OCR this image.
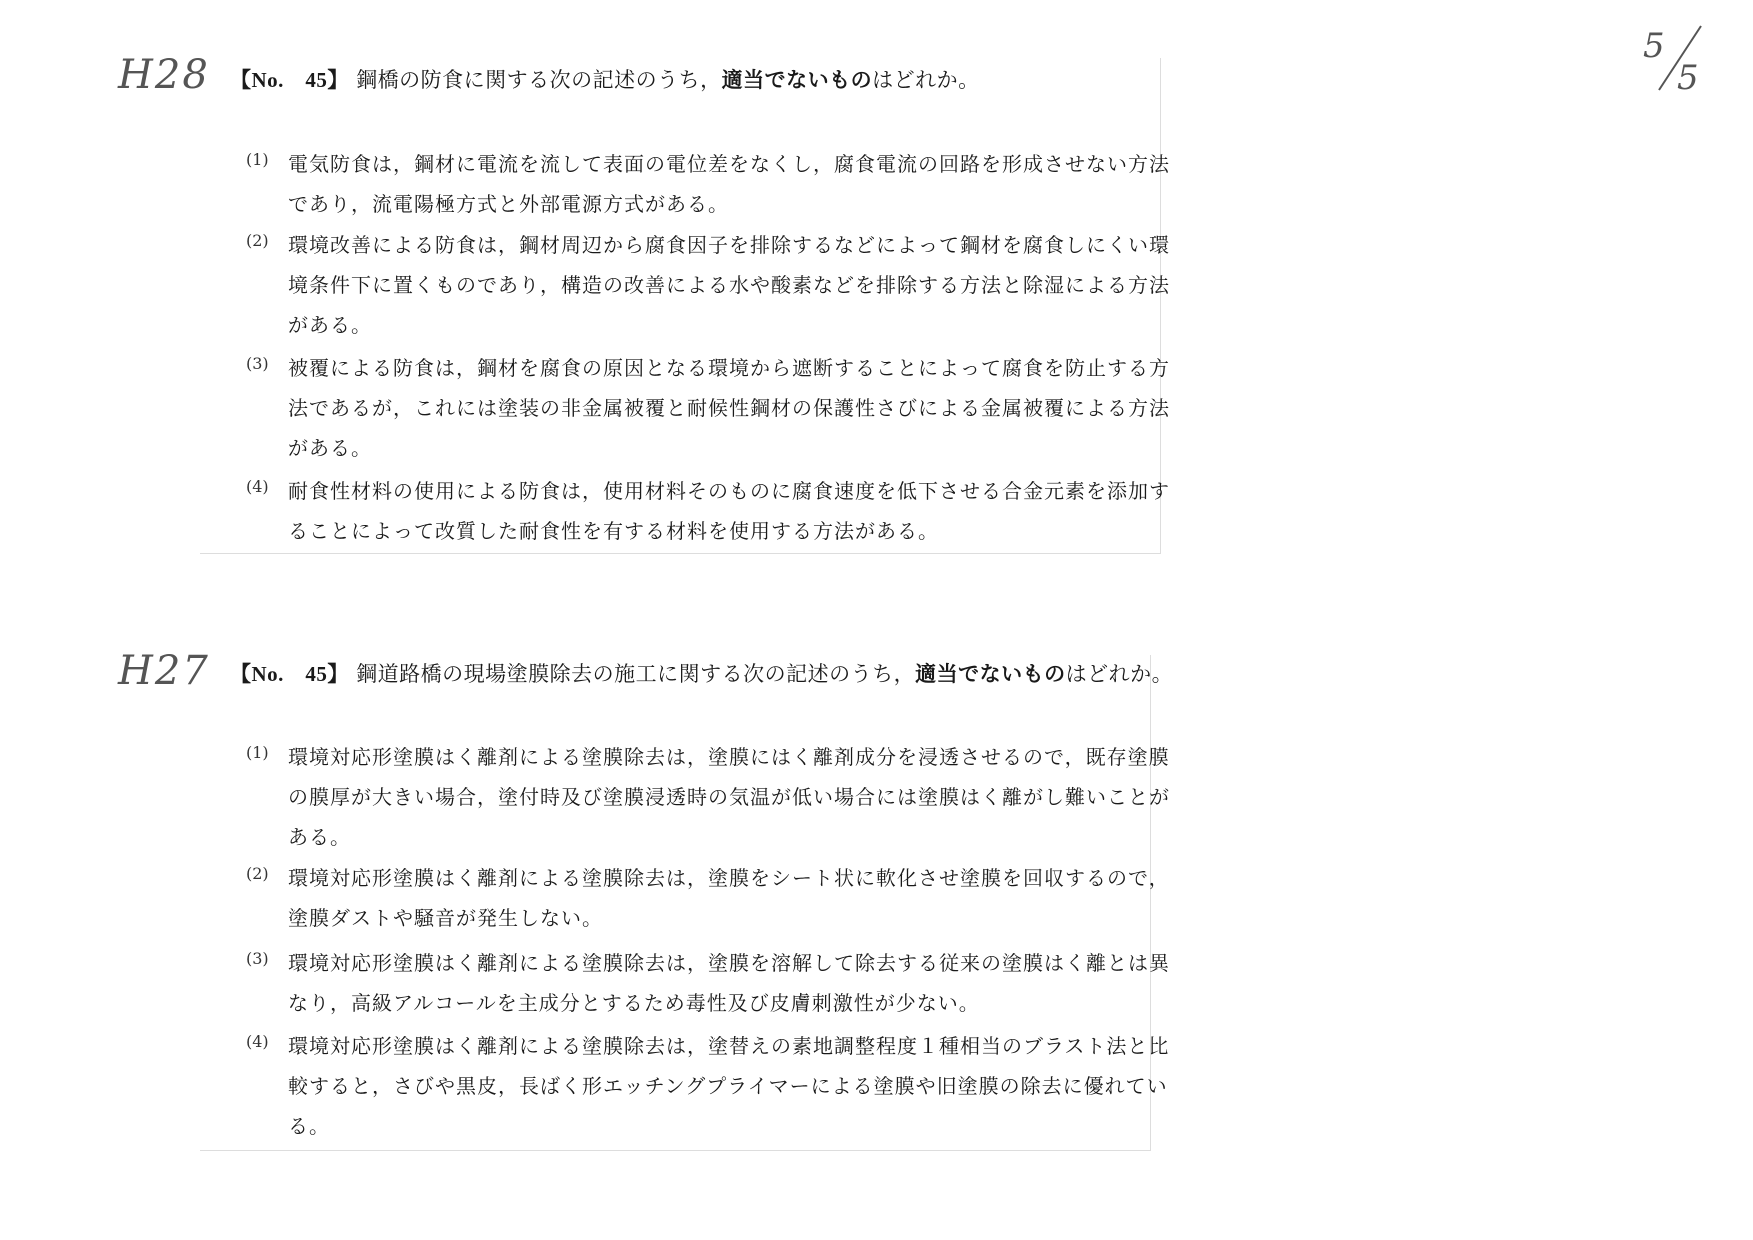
5
5
H28 【No.　45】 鋼橋の防食に関する次の記述のうち，適当でないものはどれか。
(1) 電気防食は，鋼材に電流を流して表面の電位差をなくし，腐食電流の回路を形成させない方法
であり，流電陽極方式と外部電源方式がある。
(2) 環境改善による防食は，鋼材周辺から腐食因子を排除するなどによって鋼材を腐食しにくい環
境条件下に置くものであり，構造の改善による水や酸素などを排除する方法と除湿による方法
がある。
(3) 被覆による防食は，鋼材を腐食の原因となる環境から遮断することによって腐食を防止する方
法であるが，これには塗装の非金属被覆と耐候性鋼材の保護性さびによる金属被覆による方法
がある。
(4) 耐食性材料の使用による防食は，使用材料そのものに腐食速度を低下させる合金元素を添加す
ることによって改質した耐食性を有する材料を使用する方法がある。
H27 【No.　45】 鋼道路橋の現場塗膜除去の施工に関する次の記述のうち，適当でないものはどれか。
(1) 環境対応形塗膜はく離剤による塗膜除去は，塗膜にはく離剤成分を浸透させるので，既存塗膜
の膜厚が大きい場合，塗付時及び塗膜浸透時の気温が低い場合には塗膜はく離がし難いことが
ある。
(2) 環境対応形塗膜はく離剤による塗膜除去は，塗膜をシート状に軟化させ塗膜を回収するので，
塗膜ダストや騒音が発生しない。
(3) 環境対応形塗膜はく離剤による塗膜除去は，塗膜を溶解して除去する従来の塗膜はく離とは異
なり，高級アルコールを主成分とするため毒性及び皮膚刺激性が少ない。
(4) 環境対応形塗膜はく離剤による塗膜除去は，塗替えの素地調整程度１種相当のブラスト法と比
較すると，さびや黒皮，長ばく形エッチングプライマーによる塗膜や旧塗膜の除去に優れてい
る。
